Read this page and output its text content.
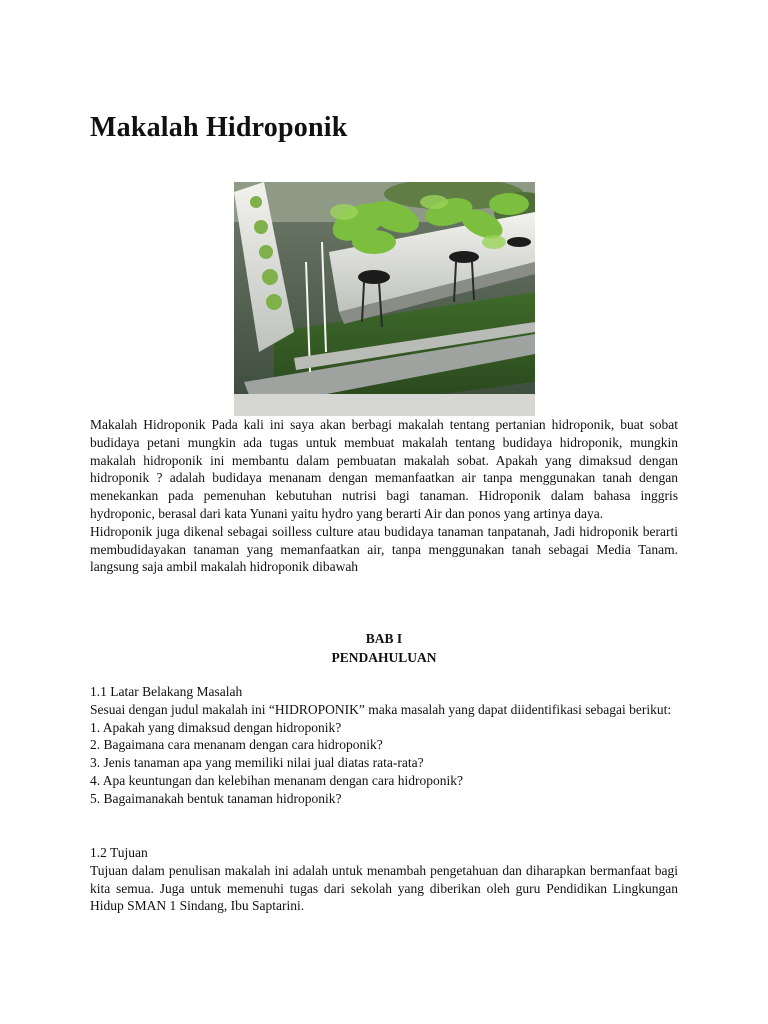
Makalah Hidroponik

Makalah Hidroponik Pada kali ini saya akan berbagi makalah tentang pertanian hidroponik, buat sobat budidaya petani mungkin ada tugas untuk membuat makalah tentang budidaya hidroponik, mungkin makalah hidroponik ini membantu dalam pembuatan makalah sobat. Apakah yang dimaksud dengan hidroponik ? adalah budidaya menanam dengan memanfaatkan air tanpa menggunakan tanah dengan menekankan pada pemenuhan kebutuhan nutrisi bagi tanaman. Hidroponik dalam bahasa inggris hydroponic, berasal dari kata Yunani yaitu hydro yang berarti Air dan ponos yang artinya daya.

Hidroponik juga dikenal sebagai soilless culture atau budidaya tanaman tanpatanah, Jadi hidroponik berarti membudidayakan tanaman yang memanfaatkan air, tanpa menggunakan tanah sebagai Media Tanam. langsung saja ambil makalah hidroponik dibawah

BAB I

PENDAHULUAN

1.1 Latar Belakang Masalah

Sesuai dengan judul makalah ini “HIDROPONIK” maka masalah yang dapat diidentifikasi sebagai berikut:

1. Apakah yang dimaksud dengan hidroponik?

2. Bagaimana cara menanam dengan cara hidroponik?

3. Jenis tanaman apa yang memiliki nilai jual diatas rata-rata?

4. Apa keuntungan dan kelebihan menanam dengan cara hidroponik?

5. Bagaimanakah bentuk tanaman hidroponik?

1.2 Tujuan

Tujuan dalam penulisan makalah ini adalah untuk menambah pengetahuan dan diharapkan bermanfaat bagi kita semua. Juga untuk memenuhi tugas dari sekolah yang diberikan oleh guru Pendidikan Lingkungan Hidup SMAN 1 Sindang, Ibu Saptarini.
